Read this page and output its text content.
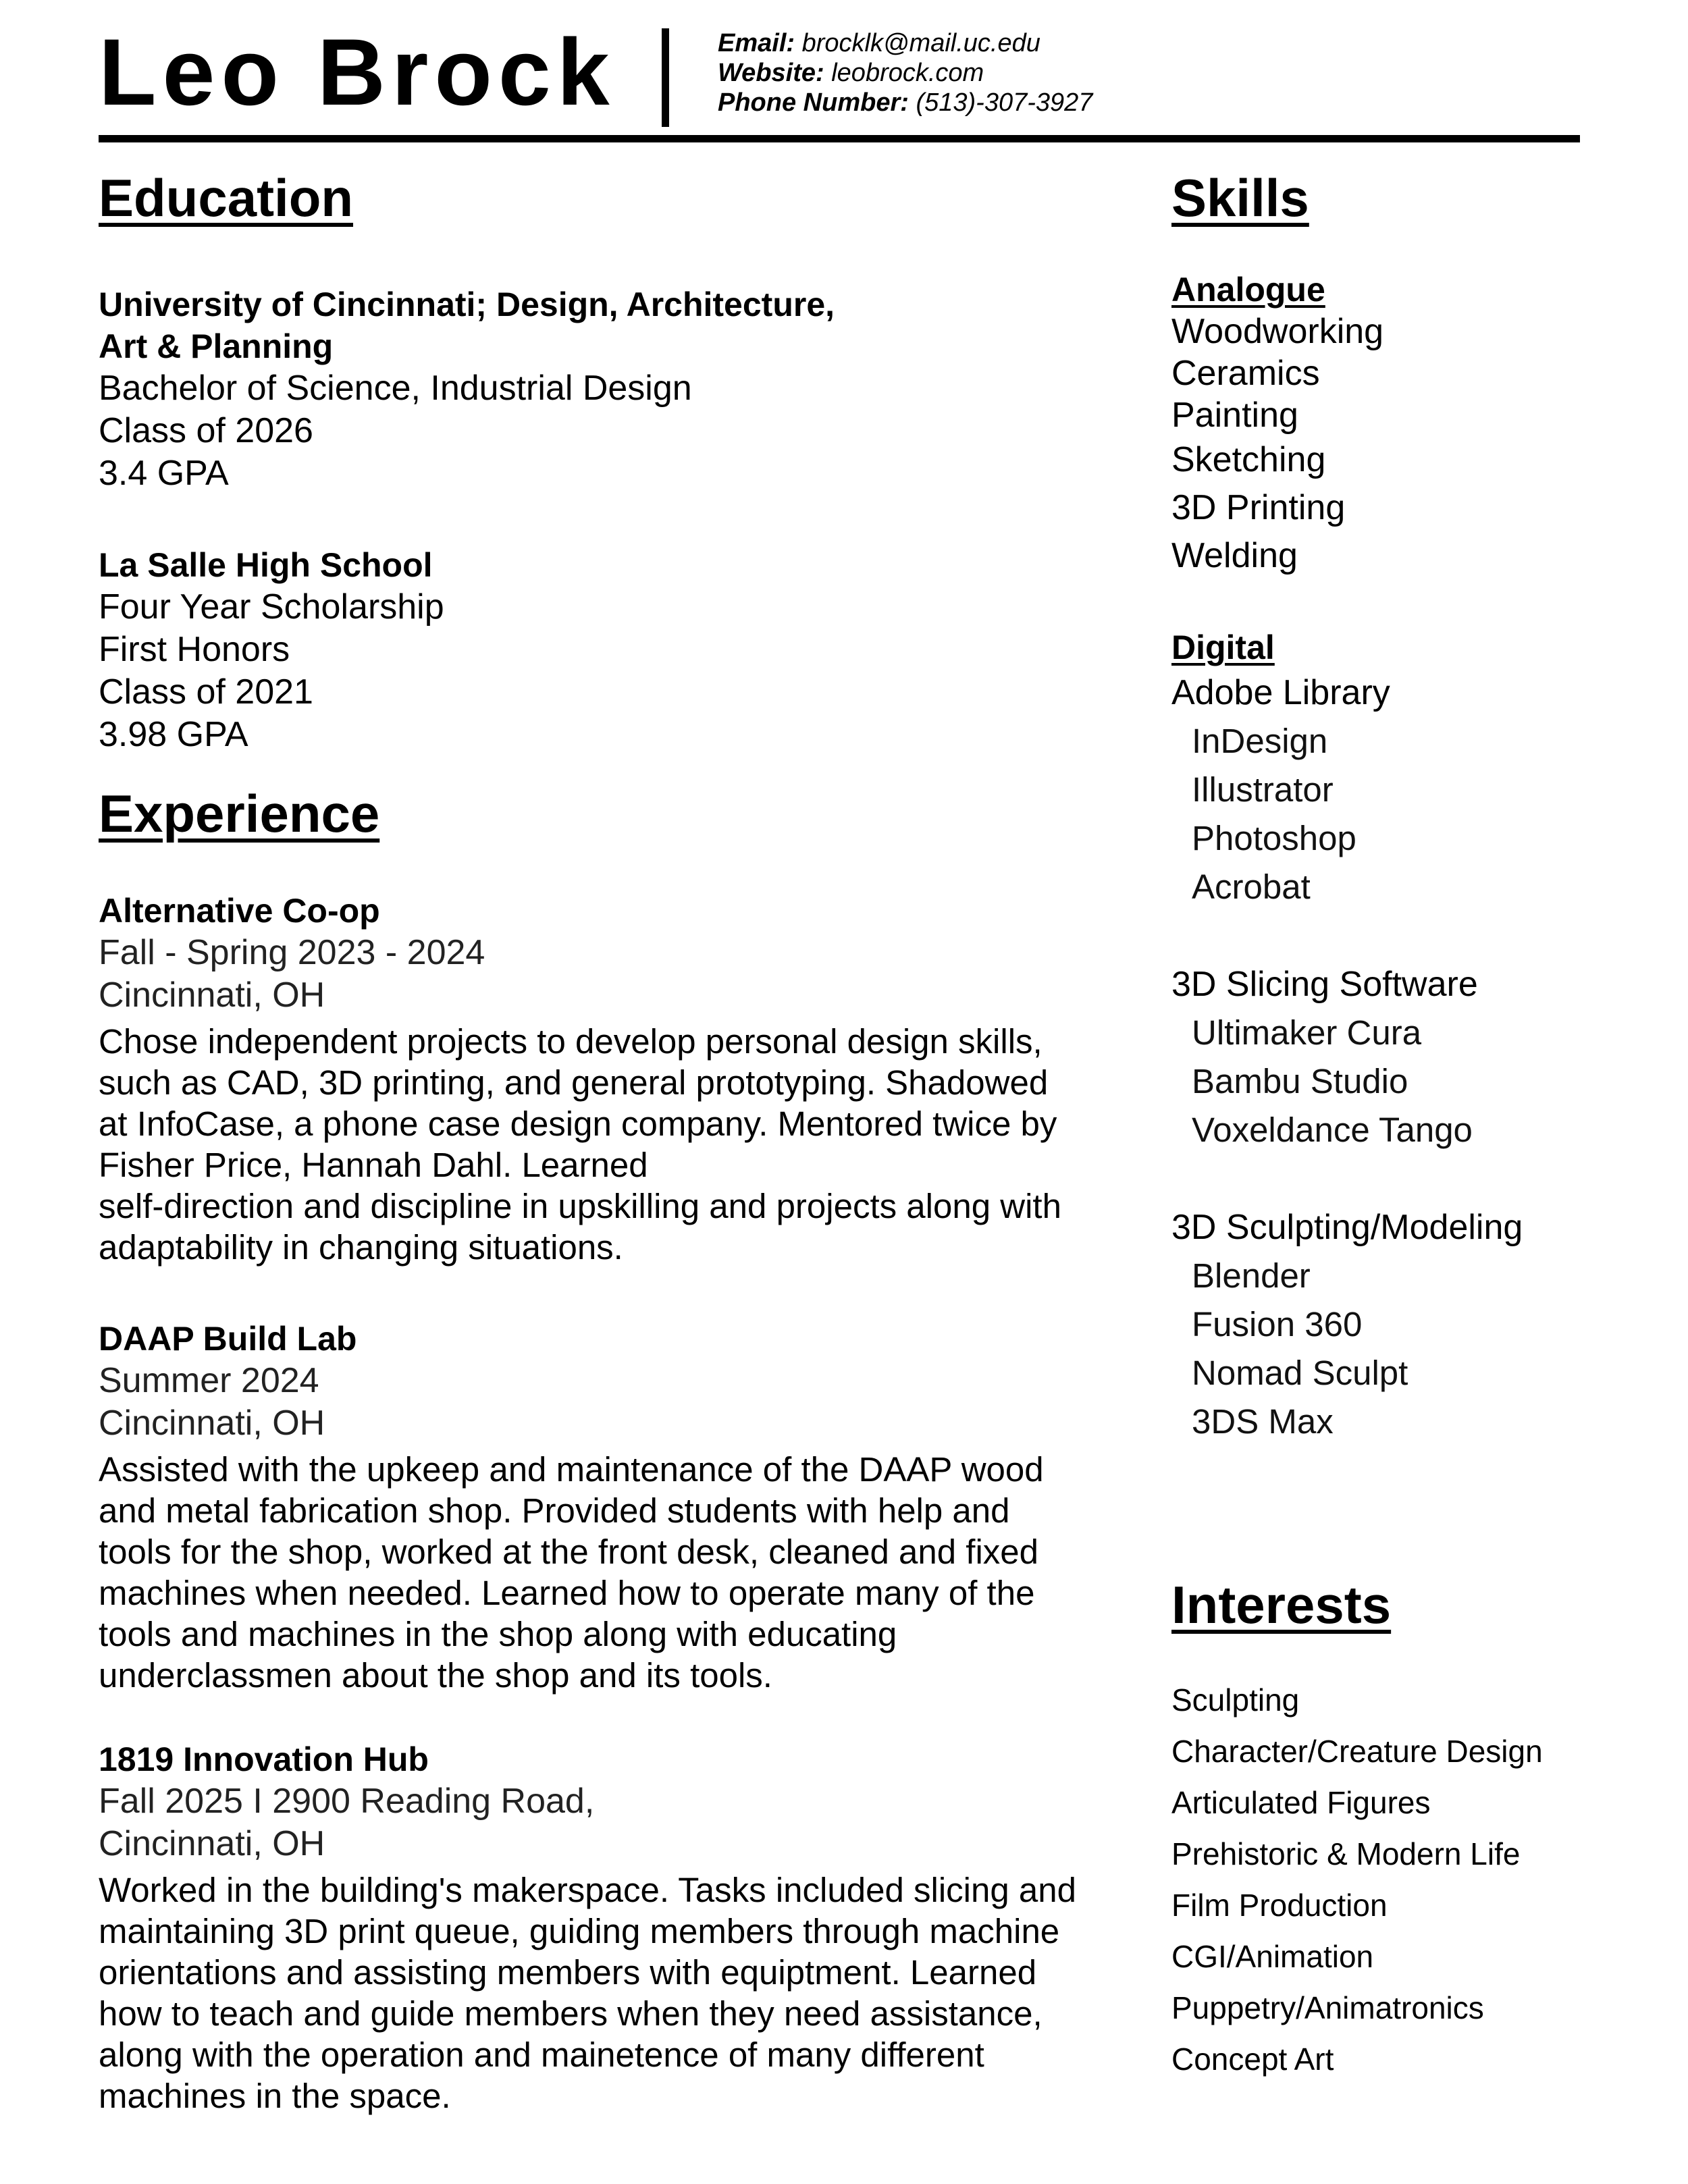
Leo Brock	Email: brocklk@mail.uc.edu
Website: leobrock.com
Phone Number: (513)-307-3927
Education
University of Cincinnati; Design, Architecture,
Art & Planning
Bachelor of Science, Industrial Design
Class of 2026
3.4 GPA
La Salle High School
Four Year Scholarship
First Honors
Class of 2021
3.98 GPA
Experience
Alternative Co-op
Fall - Spring 2023 - 2024
Cincinnati, OH
Chose independent projects to develop personal design skills,
such as CAD, 3D printing, and general prototyping. Shadowed
at InfoCase, a phone case design company. Mentored twice by
Fisher Price, Hannah Dahl. Learned
self-direction and discipline in upskilling and projects along with
adaptability in changing situations.
DAAP Build Lab
Summer 2024
Cincinnati, OH
Assisted with the upkeep and maintenance of the DAAP wood
and metal fabrication shop. Provided students with help and
tools for the shop, worked at the front desk, cleaned and fixed
machines when needed. Learned how to operate many of the
tools and machines in the shop along with educating
underclassmen about the shop and its tools.
1819 Innovation Hub
Fall 2025 I 2900 Reading Road,
Cincinnati, OH
Worked in the building's makerspace. Tasks included slicing and
maintaining 3D print queue, guiding members through machine
orientations and assisting members with equiptment. Learned
how to teach and guide members when they need assistance,
along with the operation and mainetence of many different
machines in the space.
Skills
Analogue
Woodworking
Ceramics
Painting
Sketching
3D Printing
Welding
Digital
Adobe Library
InDesign
Illustrator
Photoshop
Acrobat
3D Slicing Software
Ultimaker Cura
Bambu Studio
Voxeldance Tango
3D Sculpting/Modeling
Blender
Fusion 360
Nomad Sculpt
3DS Max
Interests
Sculpting
Character/Creature Design
Articulated Figures
Prehistoric & Modern Life
Film Production
CGI/Animation
Puppetry/Animatronics
Concept Art
